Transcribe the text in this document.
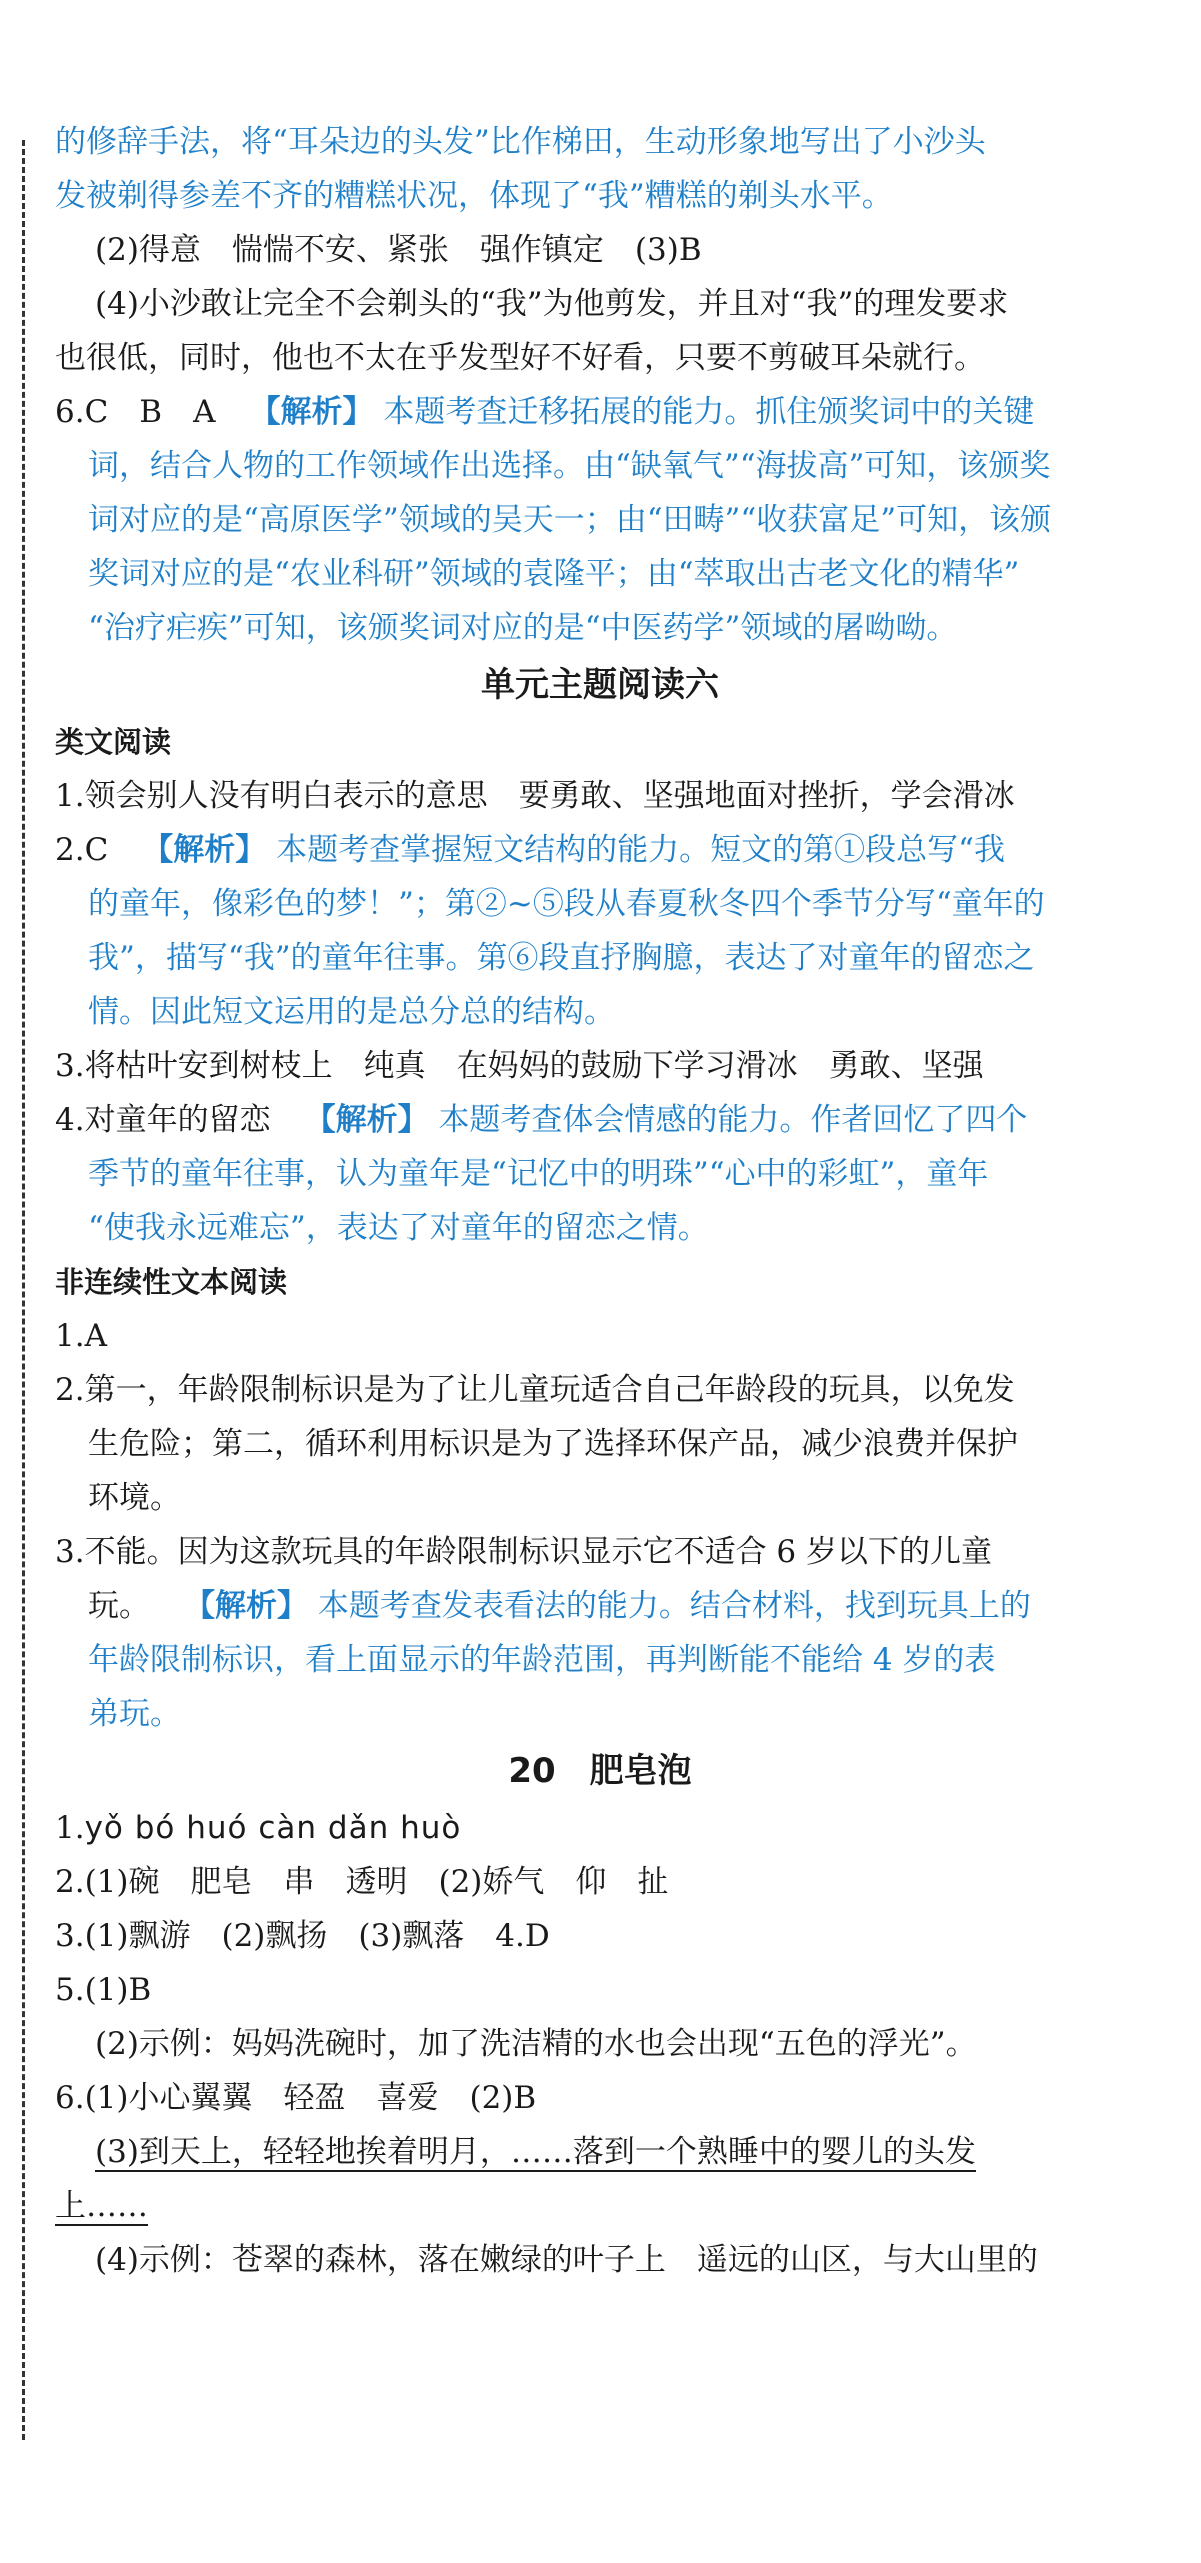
的修辞手法，将“耳朵边的头发”比作梯田，生动形象地写出了小沙头
发被剃得参差不齐的糟糕状况，体现了“我”糟糕的剃头水平。
(2)得意　惴惴不安、紧张　强作镇定　(3)B
(4)小沙敢让完全不会剃头的“我”为他剪发，并且对“我”的理发要求
也很低，同时，他也不太在乎发型好不好看，只要不剪破耳朵就行。
6.C　B　A 【解析】 本题考查迁移拓展的能力。抓住颁奖词中的关键
词，结合人物的工作领域作出选择。由“缺氧气”“海拔高”可知，该颁奖
词对应的是“高原医学”领域的吴天一；由“田畴”“收获富足”可知，该颁
奖词对应的是“农业科研”领域的袁隆平；由“萃取出古老文化的精华”
“治疗疟疾”可知，该颁奖词对应的是“中医药学”领域的屠呦呦。
单元主题阅读六
类文阅读
1.领会别人没有明白表示的意思　要勇敢、坚强地面对挫折，学会滑冰
2.C 【解析】 本题考查掌握短文结构的能力。短文的第①段总写“我
的童年，像彩色的梦！”；第②~⑤段从春夏秋冬四个季节分写“童年的
我”，描写“我”的童年往事。第⑥段直抒胸臆，表达了对童年的留恋之
情。因此短文运用的是总分总的结构。
3.将枯叶安到树枝上　纯真　在妈妈的鼓励下学习滑冰　勇敢、坚强
4.对童年的留恋 【解析】 本题考查体会情感的能力。作者回忆了四个
季节的童年往事，认为童年是“记忆中的明珠”“心中的彩虹”，童年
“使我永远难忘”，表达了对童年的留恋之情。
非连续性文本阅读
1.A
2.第一，年龄限制标识是为了让儿童玩适合自己年龄段的玩具，以免发
生危险；第二，循环利用标识是为了选择环保产品，减少浪费并保护
环境。
3.不能。因为这款玩具的年龄限制标识显示它不适合 6 岁以下的儿童
玩。 【解析】 本题考查发表看法的能力。结合材料，找到玩具上的
年龄限制标识，看上面显示的年龄范围，再判断能不能给 4 岁的表
弟玩。
20　肥皂泡
1.yǒ bó huó càn dǎn huò
2.(1)碗　肥皂　串　透明　(2)娇气　仰　扯
3.(1)飘游　(2)飘扬　(3)飘落　4.D
5.(1)B
(2)示例：妈妈洗碗时，加了洗洁精的水也会出现“五色的浮光”。
6.(1)小心翼翼　轻盈　喜爱　(2)B
(3)到天上，轻轻地挨着明月，……落到一个熟睡中的婴儿的头发
上……
(4)示例：苍翠的森林，落在嫩绿的叶子上　遥远的山区，与大山里的
